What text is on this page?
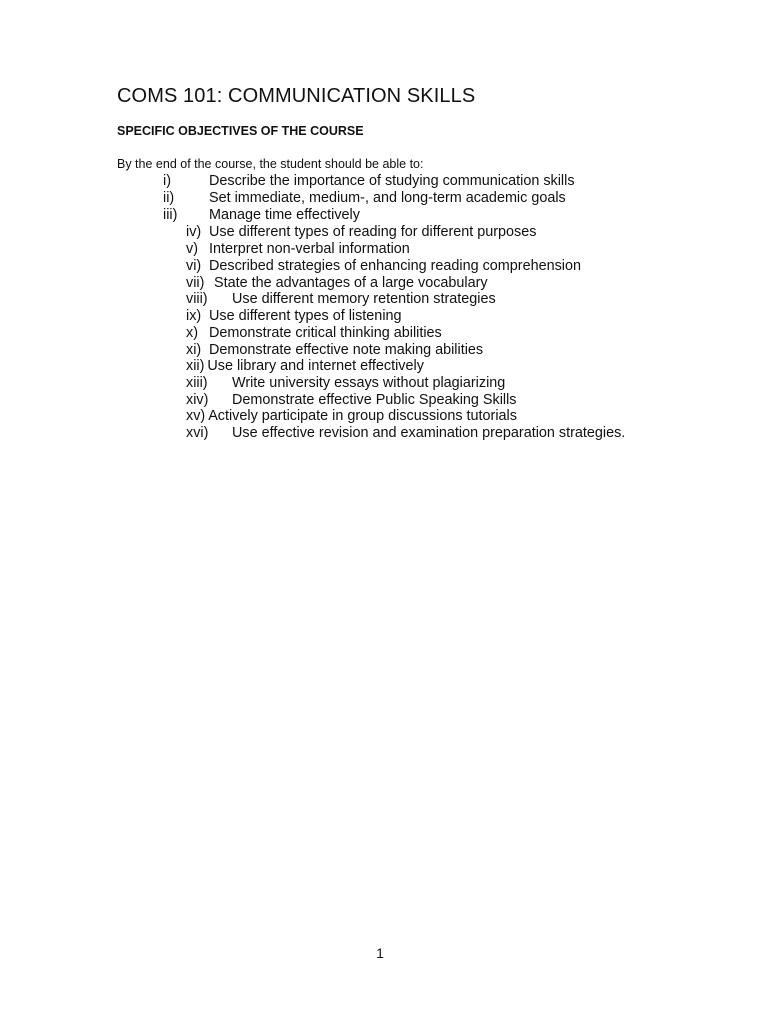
COMS 101: COMMUNICATION SKILLS
SPECIFIC OBJECTIVES OF THE COURSE

By the end of the course, the student should be able to:

i)	Describe the importance of studying communication skills
ii) Set immediate, medium-, and long-term academic goals
iii) Manage time effectively
iv) Use different types of reading for different purposes
v) Interpret non-verbal information
vi) Described strategies of enhancing reading comprehension
vii) State the advantages of a large vocabulary
viii) Use different memory retention strategies
ix) Use different types of listening
x) Demonstrate critical thinking abilities
xi) Demonstrate effective note making abilities
xii) Use library and internet effectively
xiii) Write university essays without plagiarizing
xiv) Demonstrate effective Public Speaking Skills
xv) Actively participate in group discussions tutorials
xvi) Use effective revision and examination preparation strategies.
1
